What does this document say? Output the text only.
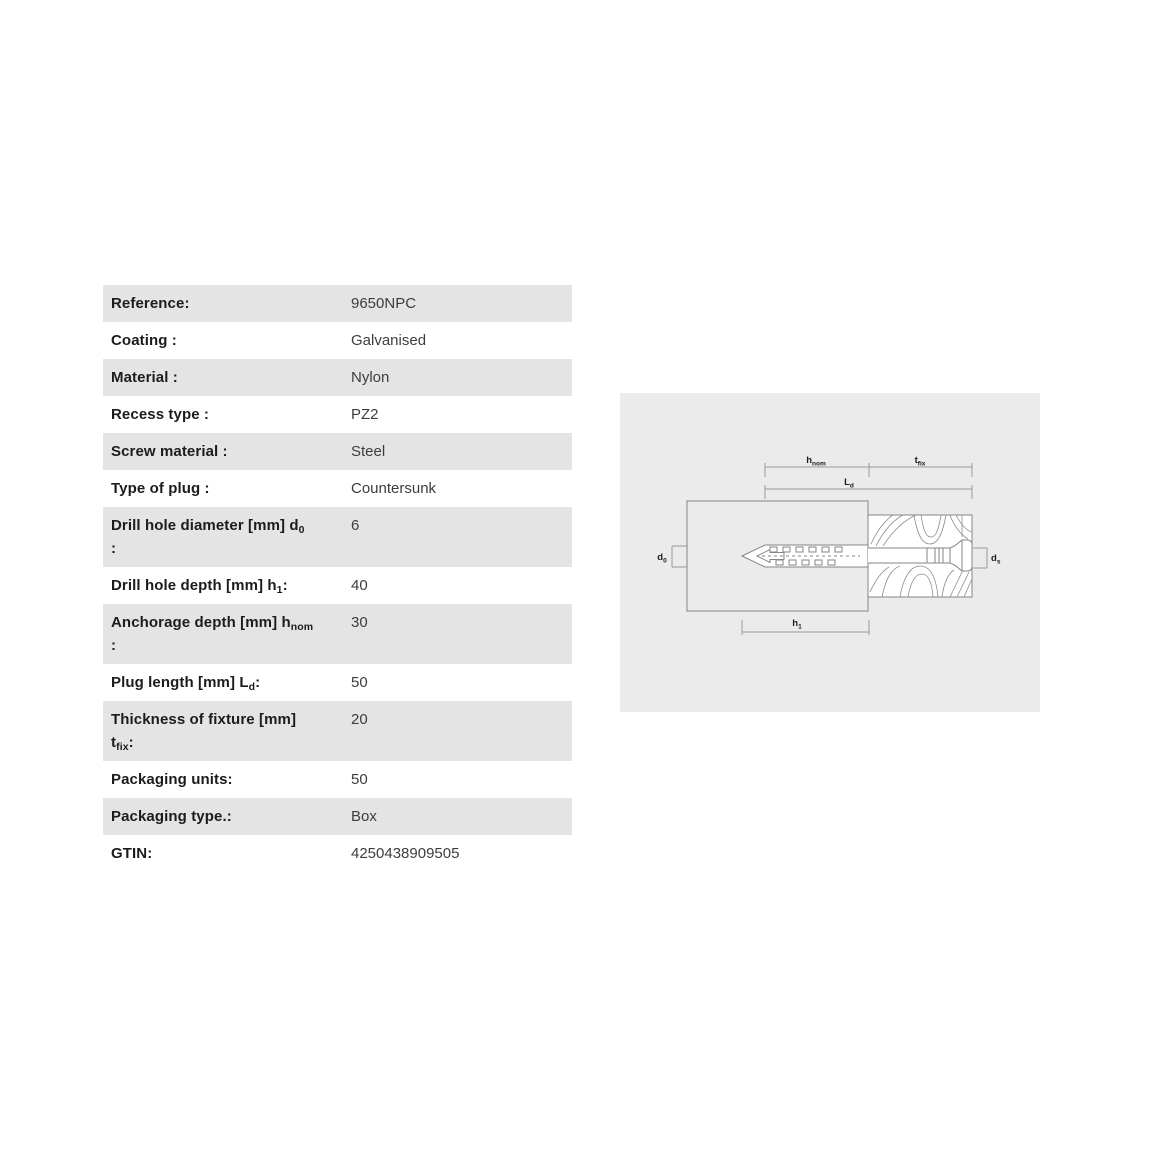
Reference:	9650NPC
Coating :	Galvanised
Material :	Nylon
Recess type :	PZ2
Screw material :	Steel
Type of plug :	Countersunk
Drill hole diameter [mm] $d_0$
:	6
Drill hole depth [mm] $h_1$:	40
Anchorage depth [mm] $h_{nom}$
:	30
Plug length [mm] $L_d$:	50
Thickness of fixture [mm]
$t_{fix}$:	20
Packaging units:	50
Packaging type.:	Box
GTIN:	4250438909505
$h_{nom}$	$t_{fix}$
$L_d$
$h_1$
$d_0$	$d_s$
